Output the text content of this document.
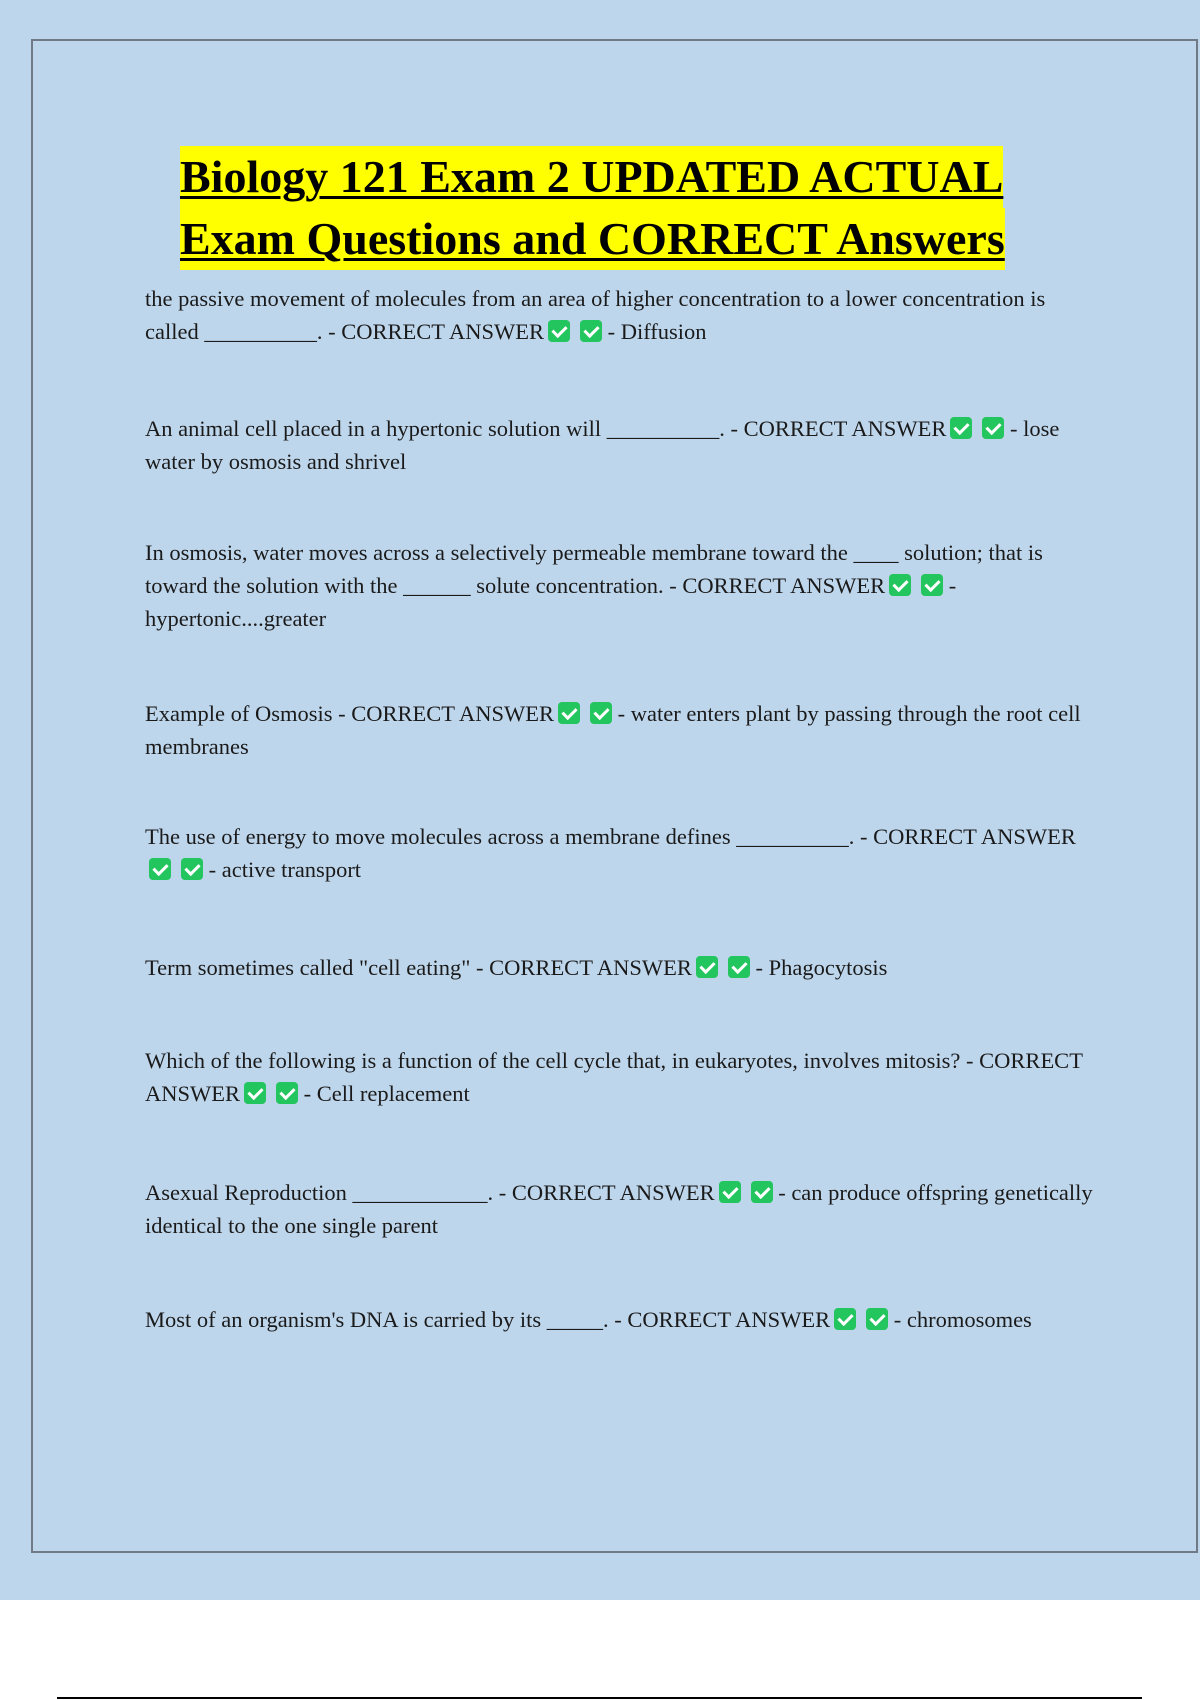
Biology 121 Exam 2 UPDATED ACTUAL
Exam Questions and CORRECT Answers

the passive movement of molecules from an area of higher concentration to a lower concentration is called __________. - CORRECT ANSWER	- Diffusion

An animal cell placed in a hypertonic solution will __________. - CORRECT ANSWER	- lose water by osmosis and shrivel

In osmosis, water moves across a selectively permeable membrane toward the ____ solution; that is toward the solution with the ______ solute concentration. - CORRECT ANSWER	- hypertonic....greater

Example of Osmosis - CORRECT ANSWER	- water enters plant by passing through the root cell membranes

The use of energy to move molecules across a membrane defines __________. - CORRECT ANSWER - active transport

Term sometimes called "cell eating" - CORRECT ANSWER	- Phagocytosis

Which of the following is a function of the cell cycle that, in eukaryotes, involves mitosis? - CORRECT ANSWER	- Cell replacement

Asexual Reproduction ____________. - CORRECT ANSWER	- can produce offspring genetically identical to the one single parent

Most of an organism's DNA is carried by its _____. - CORRECT ANSWER	- chromosomes
